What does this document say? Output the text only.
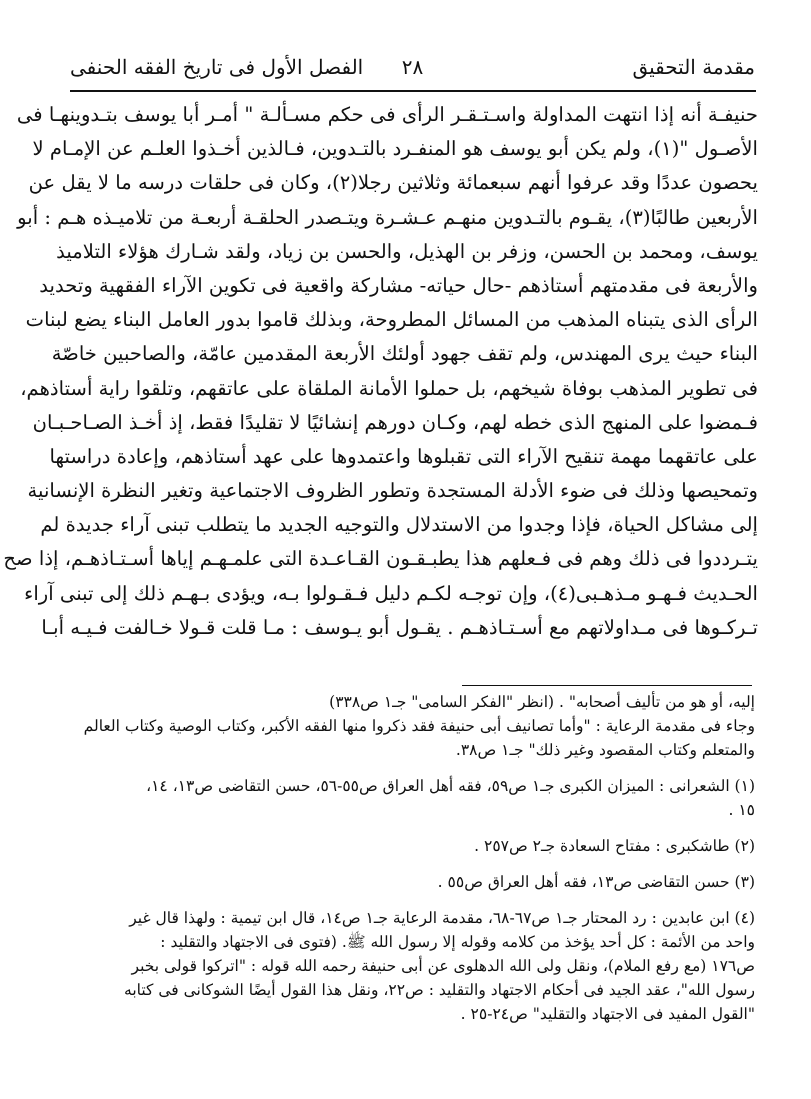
مقدمة التحقيق
٢٨
الفصل الأول فى تاريخ الفقه الحنفى
حنيفـة أنه إذا انتهت المداولة واسـتـقـر الرأى فى حكم مسـألـة " أمـر أبا يوسف بتـدوينهـا فى
الأصـول "(١)، ولم يكن أبو يوسف هو المنفـرد بالتـدوين، فـالذين أخـذوا العلـم عن الإمـام لا
يحصون عددًا وقد عرفوا أنهم سبعمائة وثلاثين رجلا(٢)، وكان فى حلقات درسه ما لا يقل عن
الأربعين طالبًا(٣)، يقـوم بالتـدوين منهـم عـشـرة ويتـصدر الحلقـة أربعـة من تلاميـذه هـم : أبو
يوسف، ومحمد بن الحسن، وزفر بن الهذيل، والحسن بن زياد، ولقد شـارك هؤلاء التلاميذ
والأربعة فى مقدمتهم أستاذهم -حال حياته- مشاركة واقعية فى تكوين الآراء الفقهية وتحديد
الرأى الذى يتبناه المذهب من المسائل المطروحة، وبذلك قاموا بدور العامل البناء يضع لبنات
البناء حيث يرى المهندس، ولم تقف جهود أولئك الأربعة المقدمين عامّة، والصاحبين خاصّة
فى تطوير المذهب بوفاة شيخهم، بل حملوا الأمانة الملقاة على عاتقهم، وتلقوا راية أستاذهم،
فـمضوا على المنهج الذى خطه لهم، وكـان دورهم إنشائيًا لا تقليدًا فقط، إذ أخـذ الصـاحـبـان
على عاتقهما مهمة تنقيح الآراء التى تقبلوها واعتمدوها على عهد أستاذهم، وإعادة دراستها
وتمحيصها وذلك فى ضوء الأدلة المستجدة وتطور الظروف الاجتماعية وتغير النظرة الإنسانية
إلى مشاكل الحياة، فإذا وجدوا من الاستدلال والتوجيه الجديد ما يتطلب تبنى آراء جديدة لم
يتـرددوا فى ذلك وهم فى فـعلهم هذا يطبـقـون القـاعـدة التى علمـهـم إياها أسـتـاذهـم، إذا صح
الحـديث فـهـو مـذهـبى(٤)، وإن توجـه لكـم دليل فـقـولوا بـه، ويؤدى بـهـم ذلك إلى تبنى آراء
تـركـوها فى مـداولاتهم مع أسـتـاذهـم . يقـول أبو يـوسف : مـا قلت قـولا خـالفت فـيـه أبـا
إليه، أو هو من تأليف أصحابه" . (انظر "الفكر السامى" جـ١ ص٣٣٨)
وجاء فى مقدمة الرعاية : "وأما تصانيف أبى حنيفة فقد ذكروا منها الفقه الأكبر، وكتاب الوصية وكتاب العالم
والمتعلم وكتاب المقصود وغير ذلك" جـ١ ص٣٨.
(١) الشعرانى : الميزان الكبرى جـ١ ص٥٩، فقه أهل العراق ص٥٥-٥٦، حسن التقاضى ص١٣، ١٤،
١٥ .
(٢) طاشكبرى : مفتاح السعادة جـ٢ ص٢٥٧ .
(٣) حسن التقاضى ص١٣، فقه أهل العراق ص٥٥ .
(٤) ابن عابدين : رد المحتار جـ١ ص٦٧-٦٨، مقدمة الرعاية جـ١ ص١٤، قال ابن تيمية : ولهذا قال غير
واحد من الأئمة : كل أحد يؤخذ من كلامه وقوله إلا رسول الله ﷺ. (فتوى فى الاجتهاد والتقليد :
ص١٧٦ (مع رفع الملام)، ونقل ولى الله الدهلوى عن أبى حنيفة رحمه الله قوله : "اتركوا قولى بخبر
رسول الله"، عقد الجيد فى أحكام الاجتهاد والتقليد : ص٢٢، ونقل هذا القول أيضًا الشوكانى فى كتابه
"القول المفيد فى الاجتهاد والتقليد" ص٢٤-٢٥ .
